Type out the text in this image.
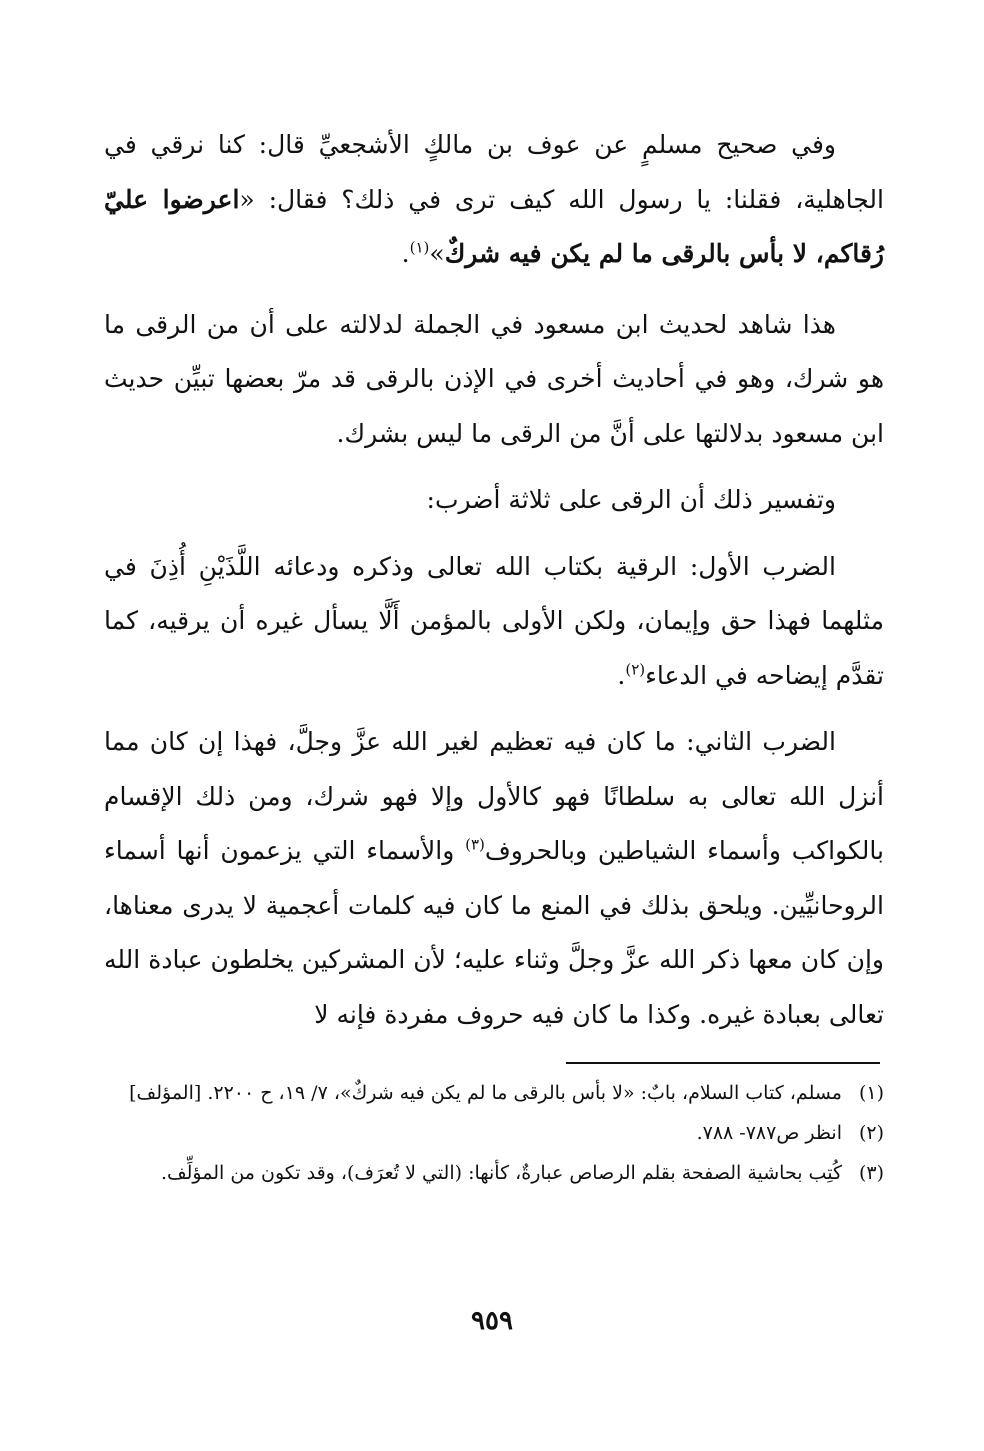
وفي صحيح مسلمٍ عن عوف بن مالكٍ الأشجعيِّ قال: كنا نرقي في الجاهلية، فقلنا: يا رسول الله كيف ترى في ذلك؟ فقال: «اعرضوا عليّ رُقاكم، لا بأس بالرقى ما لم يكن فيه شركٌ»$^{(١)}$.

هذا شاهد لحديث ابن مسعود في الجملة لدلالته على أن من الرقى ما هو شرك، وهو في أحاديث أخرى في الإذن بالرقى قد مرّ بعضها تبيِّن حديث ابن مسعود بدلالتها على أنَّ من الرقى ما ليس بشرك.

وتفسير ذلك أن الرقى على ثلاثة أضرب:

الضرب الأول: الرقية بكتاب الله تعالى وذكره ودعائه اللَّذَيْنِ أُذِنَ في مثلهما فهذا حق وإيمان، ولكن الأولى بالمؤمن أَلَّا يسأل غيره أن يرقيه، كما تقدَّم إيضاحه في الدعاء$^{(٢)}$.

الضرب الثاني: ما كان فيه تعظيم لغير الله عزَّ وجلَّ، فهذا إن كان مما أنزل الله تعالى به سلطانًا فهو كالأول وإلا فهو شرك، ومن ذلك الإقسام بالكواكب وأسماء الشياطين وبالحروف$^{(٣)}$ والأسماء التي يزعمون أنها أسماء الروحانيِّين. ويلحق بذلك في المنع ما كان فيه كلمات أعجمية لا يدرى معناها، وإن كان معها ذكر الله عزَّ وجلَّ وثناء عليه؛ لأن المشركين يخلطون عبادة الله تعالى بعبادة غيره. وكذا ما كان فيه حروف مفردة فإنه لا

(١)
مسلم، كتاب السلام، بابٌ: «لا بأس بالرقى ما لم يكن فيه شركٌ»، ٧/ ١٩، ح ٢٢٠٠. [المؤلف]
(٢)
انظر ص٧٨٧- ٧٨٨.
(٣)
كُتِب بحاشية الصفحة بقلم الرصاص عبارةٌ، كأنها: (التي لا تُعرَف)، وقد تكون من المؤلِّف.
٩٥٩
